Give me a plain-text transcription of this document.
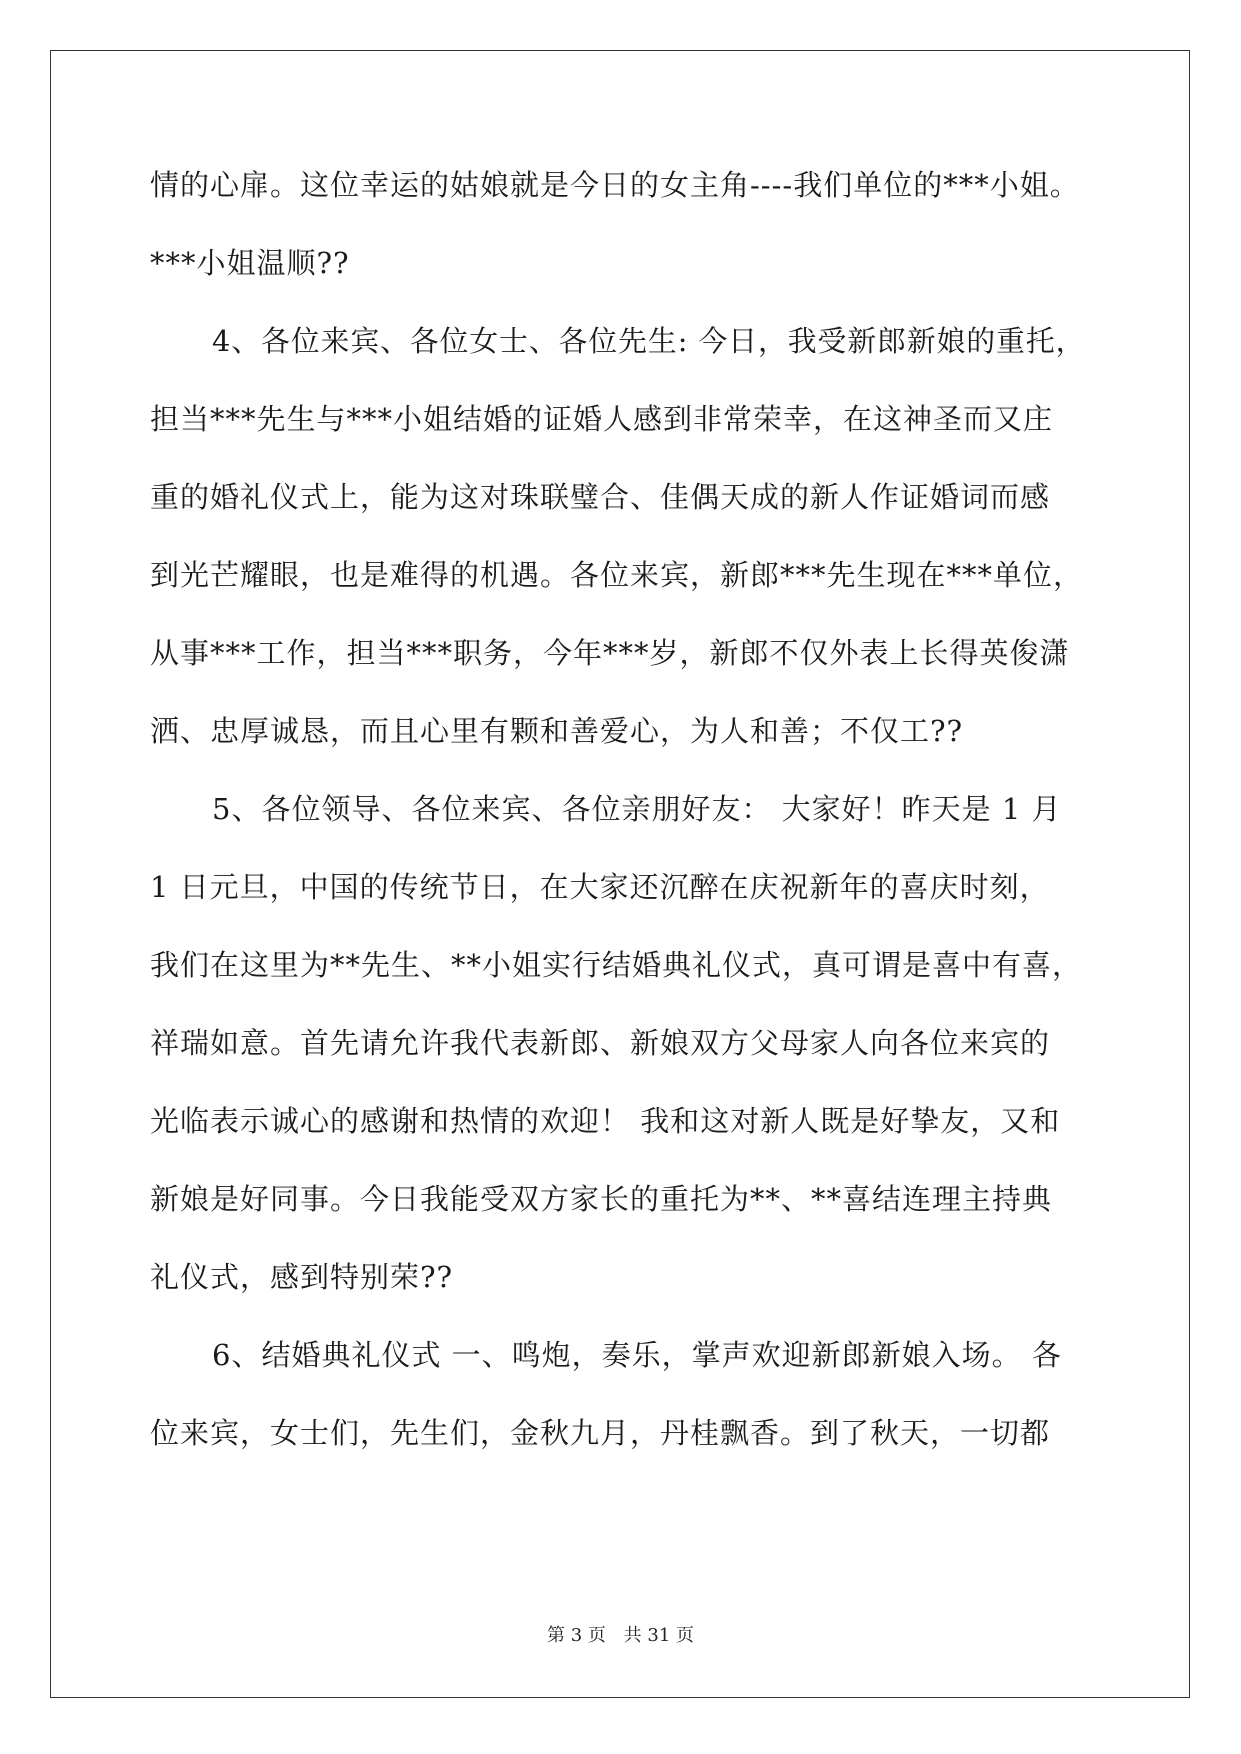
情的心扉。这位幸运的姑娘就是今日的女主角----我们单位的***小姐。
***小姐温顺??
4、各位来宾、各位女士、各位先生: 今日，我受新郎新娘的重托，
担当***先生与***小姐结婚的证婚人感到非常荣幸，在这神圣而又庄
重的婚礼仪式上，能为这对珠联璧合、佳偶天成的新人作证婚词而感
到光芒耀眼，也是难得的机遇。各位来宾，新郎***先生现在***单位，
从事***工作，担当***职务，今年***岁，新郎不仅外表上长得英俊潇
洒、忠厚诚恳，而且心里有颗和善爱心，为人和善；不仅工??
5、各位领导、各位来宾、各位亲朋好友： 大家好！昨天是 1 月
1 日元旦，中国的传统节日，在大家还沉醉在庆祝新年的喜庆时刻，
我们在这里为**先生、**小姐实行结婚典礼仪式，真可谓是喜中有喜，
祥瑞如意。首先请允许我代表新郎、新娘双方父母家人向各位来宾的
光临表示诚心的感谢和热情的欢迎！ 我和这对新人既是好挚友，又和
新娘是好同事。今日我能受双方家长的重托为**、**喜结连理主持典
礼仪式，感到特别荣??
6、结婚典礼仪式 一、鸣炮，奏乐，掌声欢迎新郎新娘入场。 各
位来宾，女士们，先生们，金秋九月，丹桂飘香。到了秋天，一切都
第 3 页 共 31 页
